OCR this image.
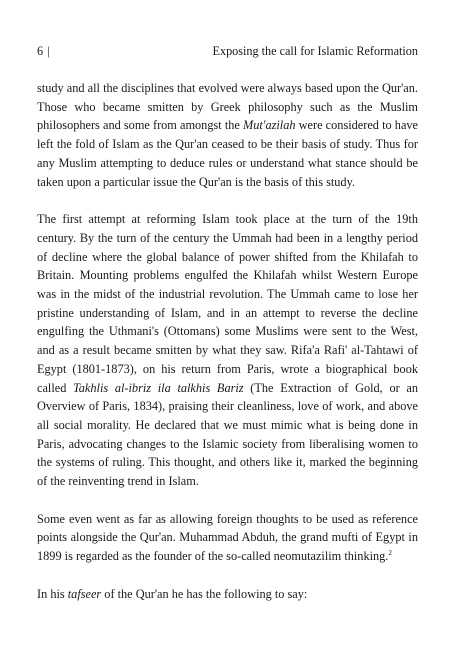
6 |	Exposing the call for Islamic Reformation

study and all the disciplines that evolved were always based upon the Qur'an. Those who became smitten by Greek philosophy such as the Muslim philosophers and some from amongst the Mut'azilah were considered to have left the fold of Islam as the Qur'an ceased to be their basis of study. Thus for any Muslim attempting to deduce rules or understand what stance should be taken upon a particular issue the Qur'an is the basis of this study.

The first attempt at reforming Islam took place at the turn of the 19th century. By the turn of the century the Ummah had been in a lengthy period of decline where the global balance of power shifted from the Khilafah to Britain. Mounting problems engulfed the Khilafah whilst Western Europe was in the midst of the industrial revolution. The Ummah came to lose her pristine understanding of Islam, and in an attempt to reverse the decline engulfing the Uthmani's (Ottomans) some Muslims were sent to the West, and as a result became smitten by what they saw. Rifa'a Rafi' al-Tahtawi of Egypt (1801-1873), on his return from Paris, wrote a biographical book called Takhlis al-ibriz ila talkhis Bariz (The Extraction of Gold, or an Overview of Paris, 1834), praising their cleanliness, love of work, and above all social morality. He declared that we must mimic what is being done in Paris, advocating changes to the Islamic society from liberalising women to the systems of ruling. This thought, and others like it, marked the beginning of the reinventing trend in Islam.

Some even went as far as allowing foreign thoughts to be used as reference points alongside the Qur'an. Muhammad Abduh, the grand mufti of Egypt in 1899 is regarded as the founder of the so-called neomutazilim thinking.$^2$

In his tafseer of the Qur'an he has the following to say:
